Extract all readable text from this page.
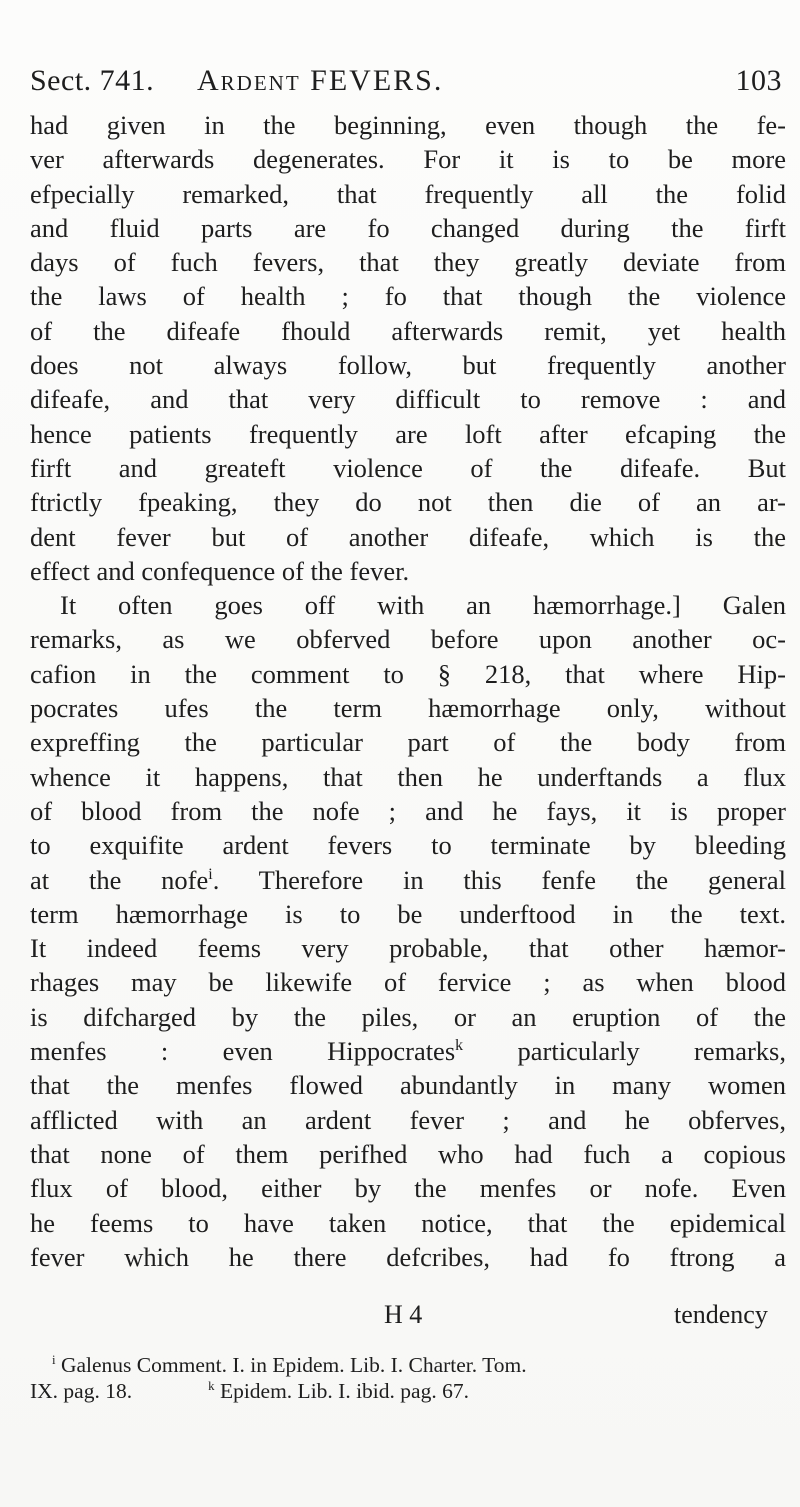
Sect. 741. Ardent FEVERS.	103
had given in the beginning, even though the fe-
ver afterwards degenerates. For it is to be more
efpecially remarked, that frequently all the folid
and fluid parts are fo changed during the firft
days of fuch fevers, that they greatly deviate from
the laws of health ; fo that though the violence
of the difeafe fhould afterwards remit, yet health
does not always follow, but frequently another
difeafe, and that very difficult to remove : and
hence patients frequently are loft after efcaping the
firft and greateft violence of the difeafe. But
ftrictly fpeaking, they do not then die of an ar-
dent fever but of another difeafe, which is the
effect and confequence of the fever.
It often goes off with an hæmorrhage.] Galen
remarks, as we obferved before upon another oc-
cafion in the comment to § 218, that where Hip-
pocrates ufes the term hæmorrhage only, without
expreffing the particular part of the body from
whence it happens, that then he underftands a flux
of blood from the nofe ; and he fays, it is proper
to exquifite ardent fevers to terminate by bleeding
at the nofe$^i$. Therefore in this fenfe the general
term hæmorrhage is to be underftood in the text.
It indeed feems very probable, that other hæmor-
rhages may be likewife of fervice ; as when blood
is difcharged by the piles, or an eruption of the
menfes : even Hippocrates$^k$ particularly remarks,
that the menfes flowed abundantly in many women
afflicted with an ardent fever ; and he obferves,
that none of them perifhed who had fuch a copious
flux of blood, either by the menfes or nofe. Even
he feems to have taken notice, that the epidemical
fever which he there defcribes, had fo ftrong a
H 4	tendency
$^i$ Galenus Comment. I. in Epidem. Lib. I. Charter. Tom.
IX. pag. 18.	$^k$ Epidem. Lib. I. ibid. pag. 67.
